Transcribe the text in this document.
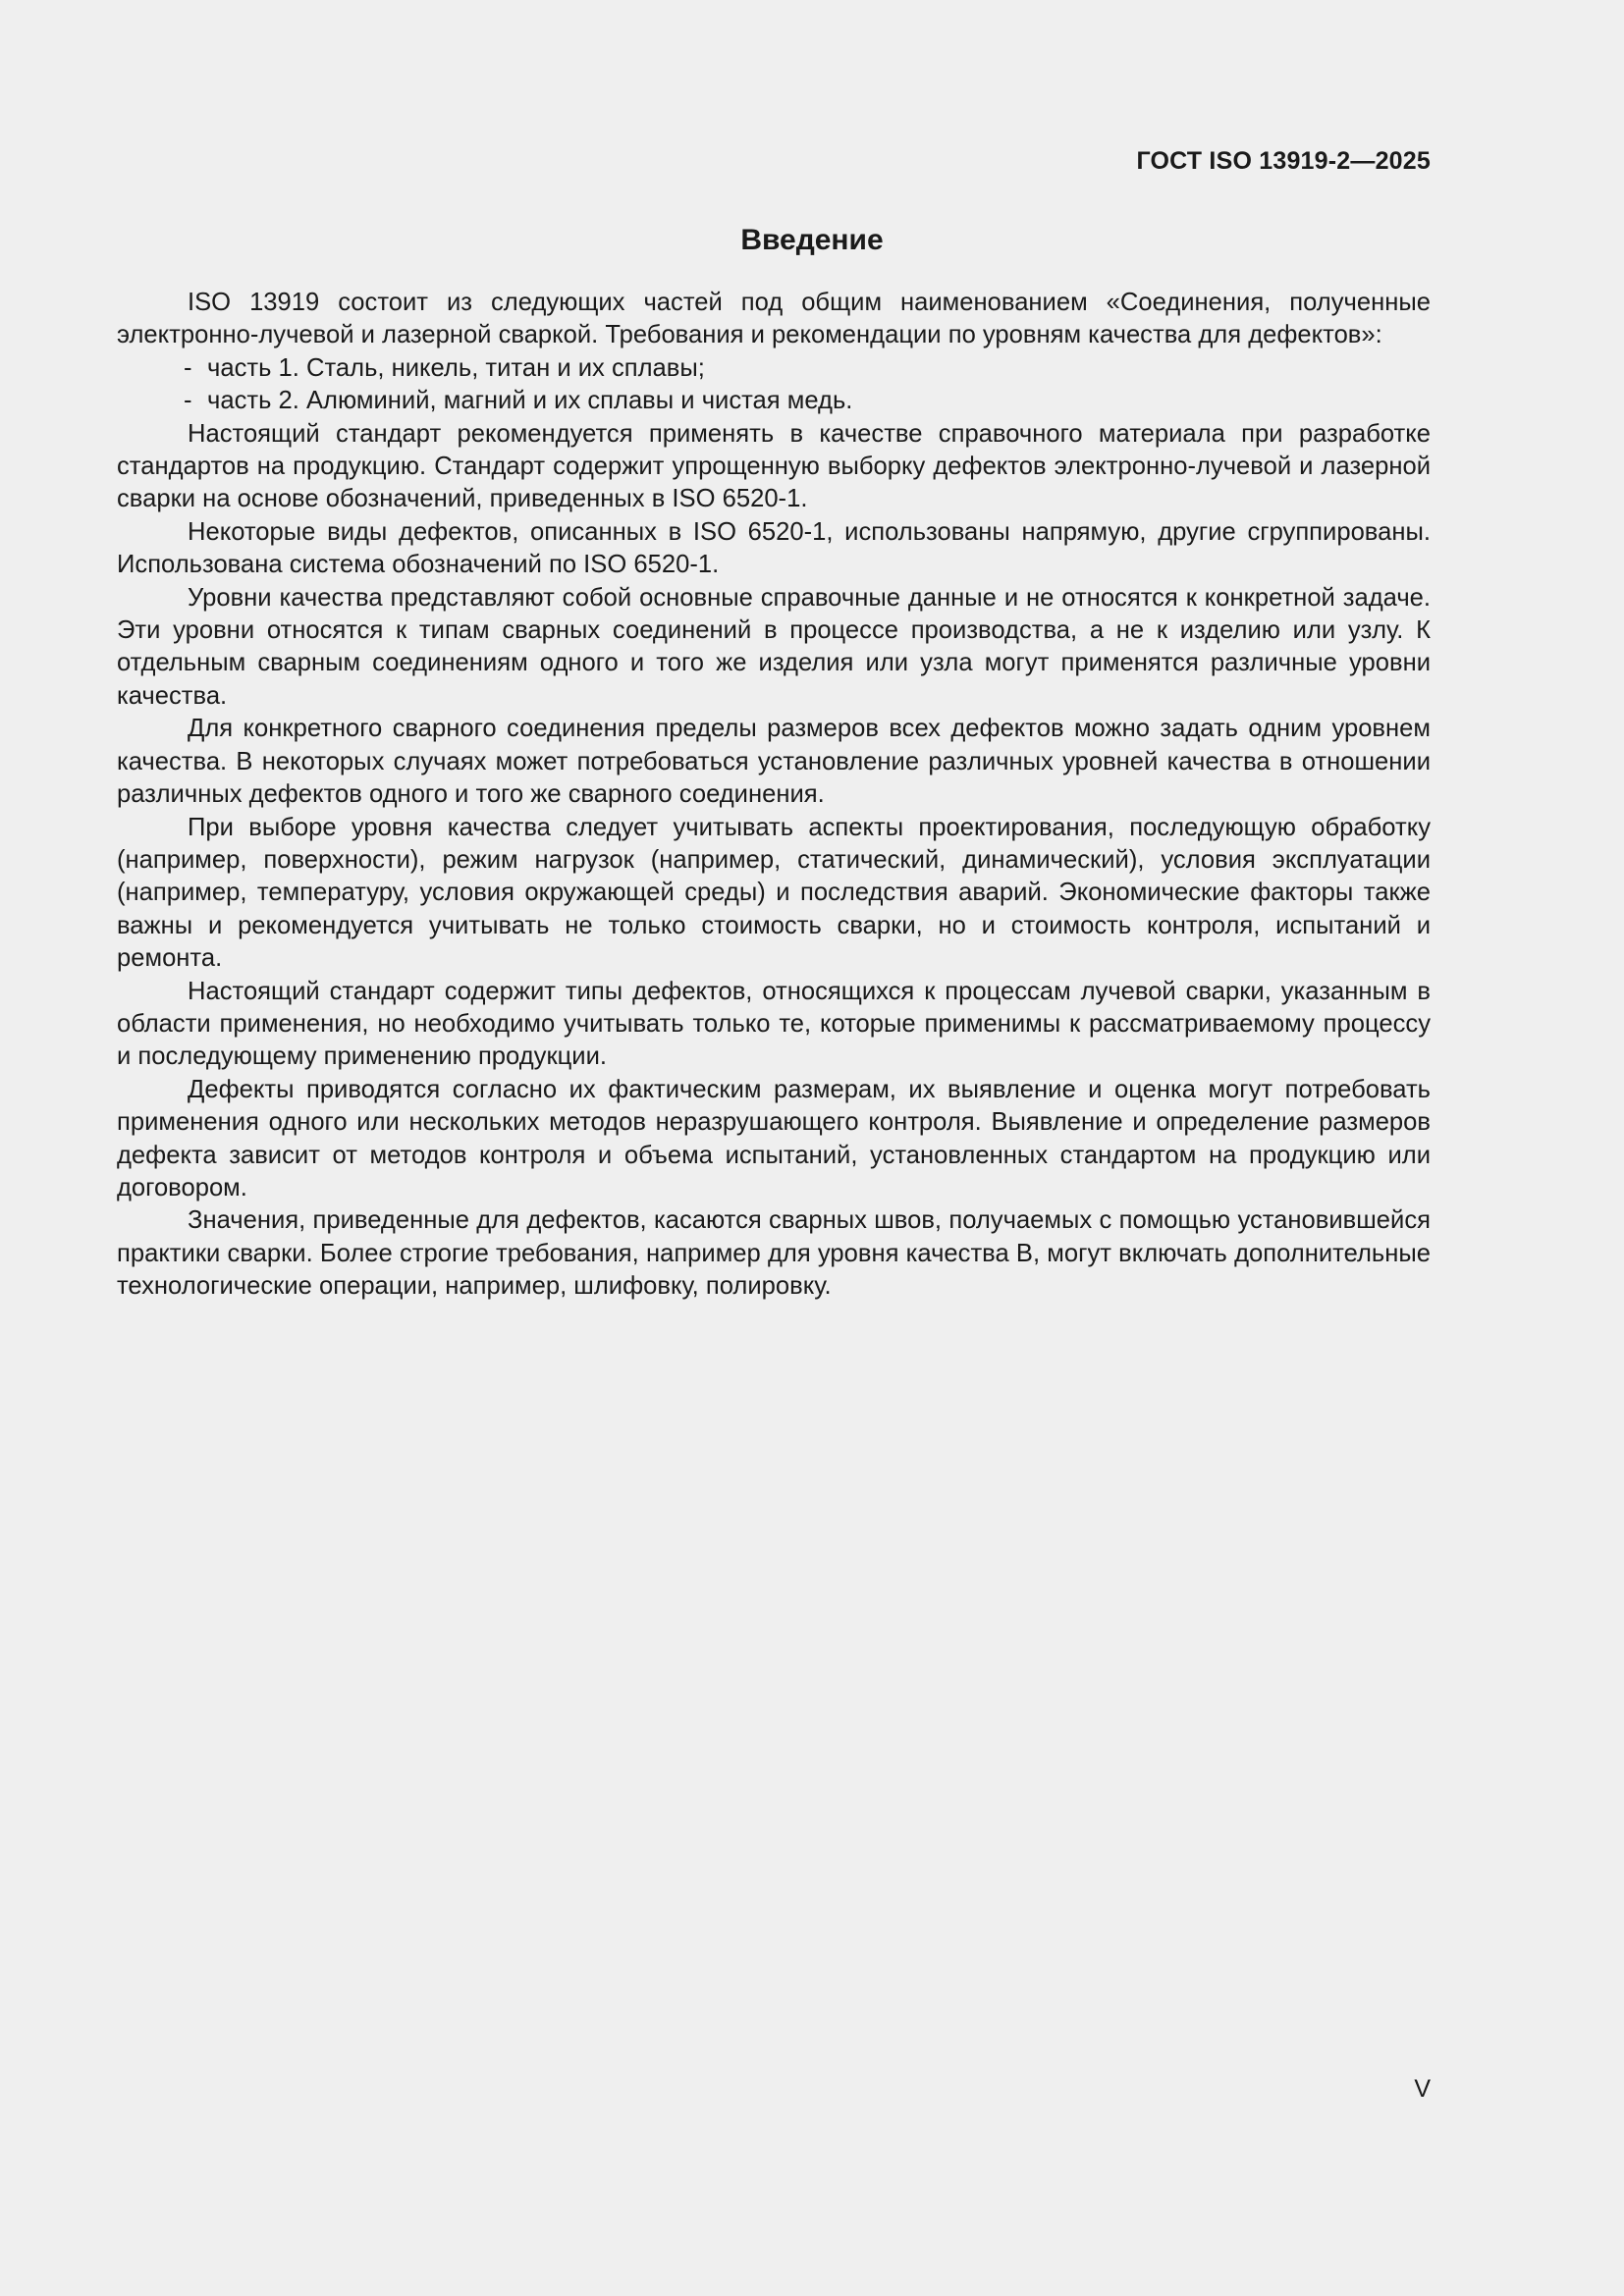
ГОСТ ISO 13919-2—2025
Введение

ISO 13919 состоит из следующих частей под общим наименованием «Соединения, полученные электронно-лучевой и лазерной сваркой. Требования и рекомендации по уровням качества для дефектов»:

- часть 1. Сталь, никель, титан и их сплавы;

- часть 2. Алюминий, магний и их сплавы и чистая медь.

Настоящий стандарт рекомендуется применять в качестве справочного материала при разработке стандартов на продукцию. Стандарт содержит упрощенную выборку дефектов электронно-лучевой и лазерной сварки на основе обозначений, приведенных в ISO 6520-1.

Некоторые виды дефектов, описанных в ISO 6520-1, использованы напрямую, другие сгруппированы. Использована система обозначений по ISO 6520-1.

Уровни качества представляют собой основные справочные данные и не относятся к конкретной задаче. Эти уровни относятся к типам сварных соединений в процессе производства, а не к изделию или узлу. К отдельным сварным соединениям одного и того же изделия или узла могут применятся различные уровни качества.

Для конкретного сварного соединения пределы размеров всех дефектов можно задать одним уровнем качества. В некоторых случаях может потребоваться установление различных уровней качества в отношении различных дефектов одного и того же сварного соединения.

При выборе уровня качества следует учитывать аспекты проектирования, последующую обработку (например, поверхности), режим нагрузок (например, статический, динамический), условия эксплуатации (например, температуру, условия окружающей среды) и последствия аварий. Экономические факторы также важны и рекомендуется учитывать не только стоимость сварки, но и стоимость контроля, испытаний и ремонта.

Настоящий стандарт содержит типы дефектов, относящихся к процессам лучевой сварки, указанным в области применения, но необходимо учитывать только те, которые применимы к рассматриваемому процессу и последующему применению продукции.

Дефекты приводятся согласно их фактическим размерам, их выявление и оценка могут потребовать применения одного или нескольких методов неразрушающего контроля. Выявление и определение размеров дефекта зависит от методов контроля и объема испытаний, установленных стандартом на продукцию или договором.

Значения, приведенные для дефектов, касаются сварных швов, получаемых с помощью установившейся практики сварки. Более строгие требования, например для уровня качества B, могут включать дополнительные технологические операции, например, шлифовку, полировку.

V
